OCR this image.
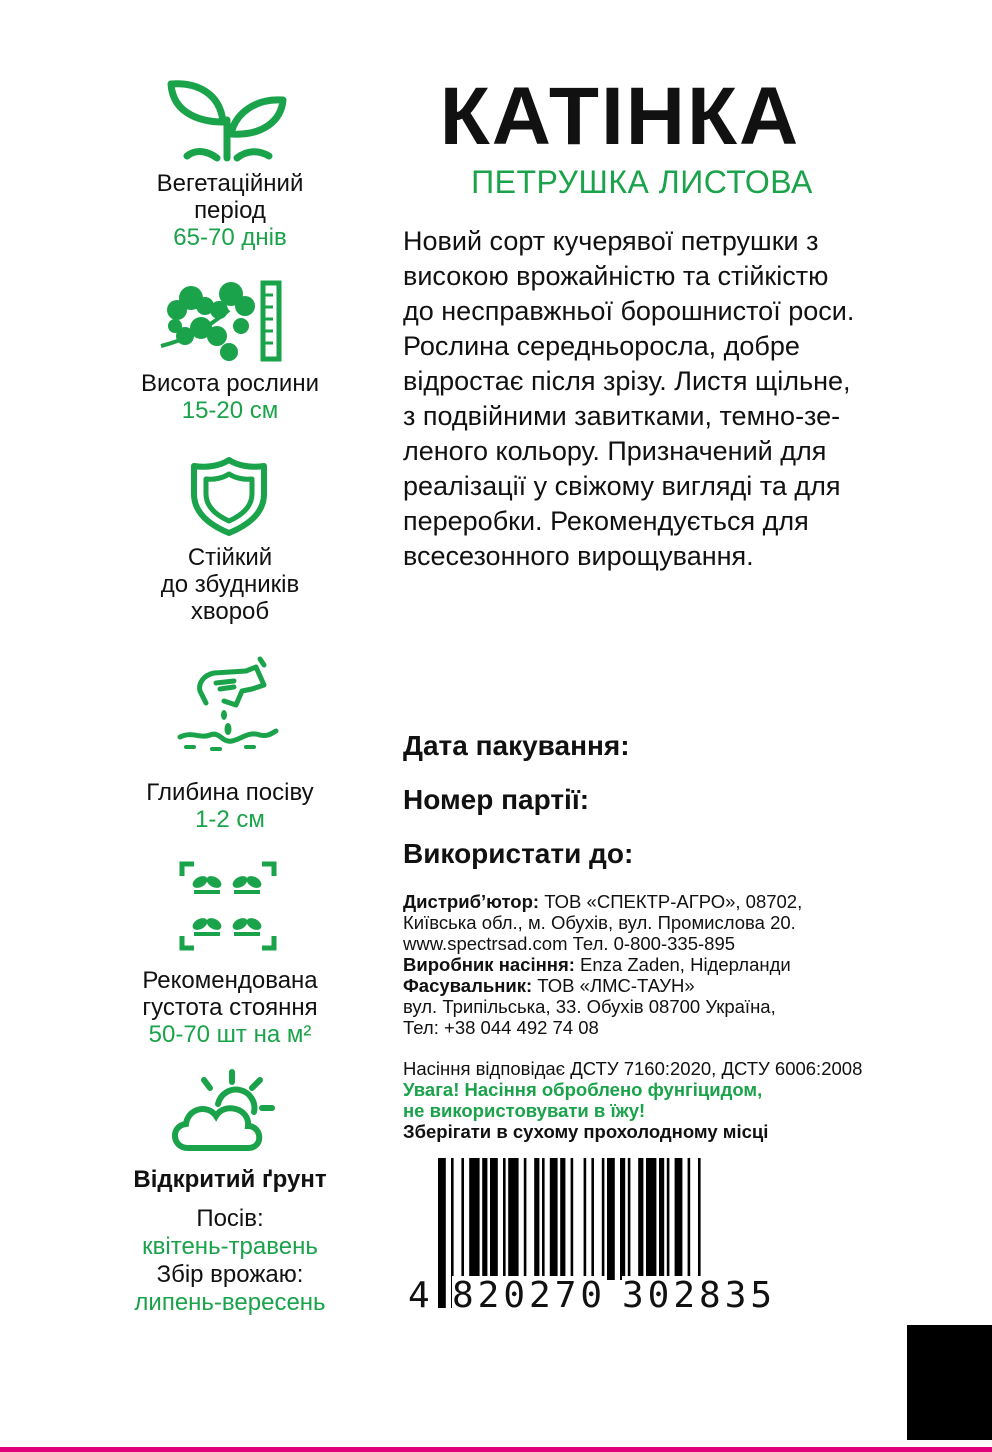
Вегетаційний
період
65-70 днів
Висота рослини
15-20 см
Стійкий
до збудників
хвороб
Глибина посіву
1-2 см
Рекомендована
густота стояння
50-70 шт на м²
Відкритий ґрунт
Посів:
квітень-травень
Збір врожаю:
липень-вересень
КАТІНКА
ПЕТРУШКА ЛИСТОВА
Новий сорт кучерявої петрушки з
високою врожайністю та стійкістю
до несправжньої борошнистої роси.
Рослина середньоросла, добре
відростає після зрізу. Листя щільне,
з подвійними завитками, темно-зе-
леного кольору. Призначений для
реалізації у свіжому вигляді та для
переробки. Рекомендується для
всесезонного вирощування.
Дата пакування:
Номер партії:
Використати до:
Дистриб’ютор: ТОВ «СПЕКТР-АГРО», 08702,
Київська обл., м. Обухів, вул. Промислова 20.
www.spectrsad.com Тел. 0-800-335-895
Виробник насіння: Enza Zaden, Нідерланди
Фасувальник: ТОВ «ЛМС-ТАУН»
вул. Трипільська, 33. Обухів 08700 Україна,
Тел: +38 044 492 74 08
Насіння відповідає ДСТУ 7160:2020, ДСТУ 6006:2008
Увага! Насіння оброблено фунгіцидом,
не використовувати в їжу!
Зберігати в сухому прохолодному місці
4 820270 302835
